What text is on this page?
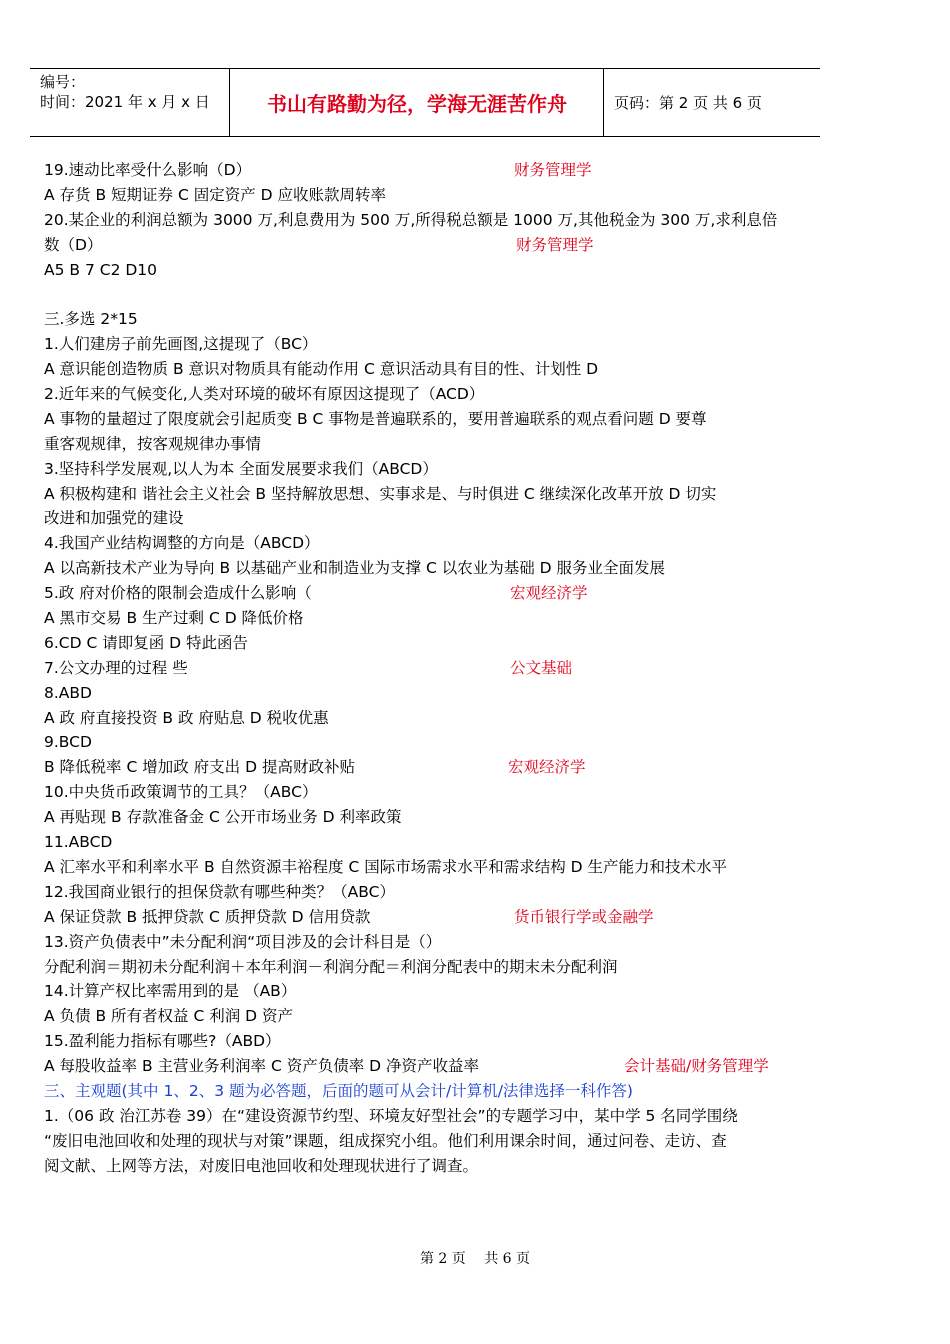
编号：
时间：2021 年 x 月 x 日	书山有路勤为径，学海无涯苦作舟	页码：第 2 页 共 6 页
19.速动比率受什么影响（D）	财务管理学
A 存货 B 短期证券 C 固定资产 D 应收账款周转率
20.某企业的利润总额为 3000 万,利息费用为 500 万,所得税总额是 1000 万,其他税金为 300 万,求利息倍
数（D）	财务管理学
A5 B 7 C2 D10
三.多选 2*15
1.人们建房子前先画图,这提现了（BC）
A 意识能创造物质 B 意识对物质具有能动作用 C 意识活动具有目的性、计划性 D
2.近年来的气候变化,人类对环境的破坏有原因这提现了（ACD）
A 事物的量超过了限度就会引起质变 B C 事物是普遍联系的，要用普遍联系的观点看问题 D 要尊
重客观规律，按客观规律办事情
3.坚持科学发展观,以人为本 全面发展要求我们（ABCD）
A 积极构建和 谐社会主义社会 B 坚持解放思想、实事求是、与时俱进 C 继续深化改革开放 D 切实
改进和加强党的建设
4.我国产业结构调整的方向是（ABCD）
A 以高新技术产业为导向 B 以基础产业和制造业为支撑 C 以农业为基础 D 服务业全面发展
5.政 府对价格的限制会造成什么影响（	宏观经济学
A 黑市交易 B 生产过剩 C D 降低价格
6.CD C 请即复函 D 特此函告
7.公文办理的过程 些	公文基础
8.ABD
A 政 府直接投资 B 政 府贴息 D 税收优惠
9.BCD
B 降低税率 C 增加政 府支出 D 提高财政补贴	宏观经济学
10.中央货币政策调节的工具？（ABC）
A 再贴现 B 存款准备金 C 公开市场业务 D 利率政策
11.ABCD
A 汇率水平和利率水平 B 自然资源丰裕程度 C 国际市场需求水平和需求结构 D 生产能力和技术水平
12.我国商业银行的担保贷款有哪些种类？（ABC）
A 保证贷款 B 抵押贷款 C 质押贷款 D 信用贷款	货币银行学或金融学
13.资产负债表中”未分配利润“项目涉及的会计科目是（）
分配利润＝期初未分配利润＋本年利润－利润分配＝利润分配表中的期末未分配利润
14.计算产权比率需用到的是 （AB）
A 负债 B 所有者权益 C 利润 D 资产
15.盈利能力指标有哪些?（ABD）
A 每股收益率 B 主营业务利润率 C 资产负债率 D 净资产收益率	会计基础/财务管理学
三、主观题(其中 1、2、3 题为必答题，后面的题可从会计/计算机/法律选择一科作答)
1.（06 政 治江苏卷 39）在“建设资源节约型、环境友好型社会”的专题学习中，某中学 5 名同学围绕
“废旧电池回收和处理的现状与对策”课题，组成探究小组。他们利用课余时间，通过问卷、走访、查
阅文献、上网等方法，对废旧电池回收和处理现状进行了调查。
第 2 页 共 6 页
